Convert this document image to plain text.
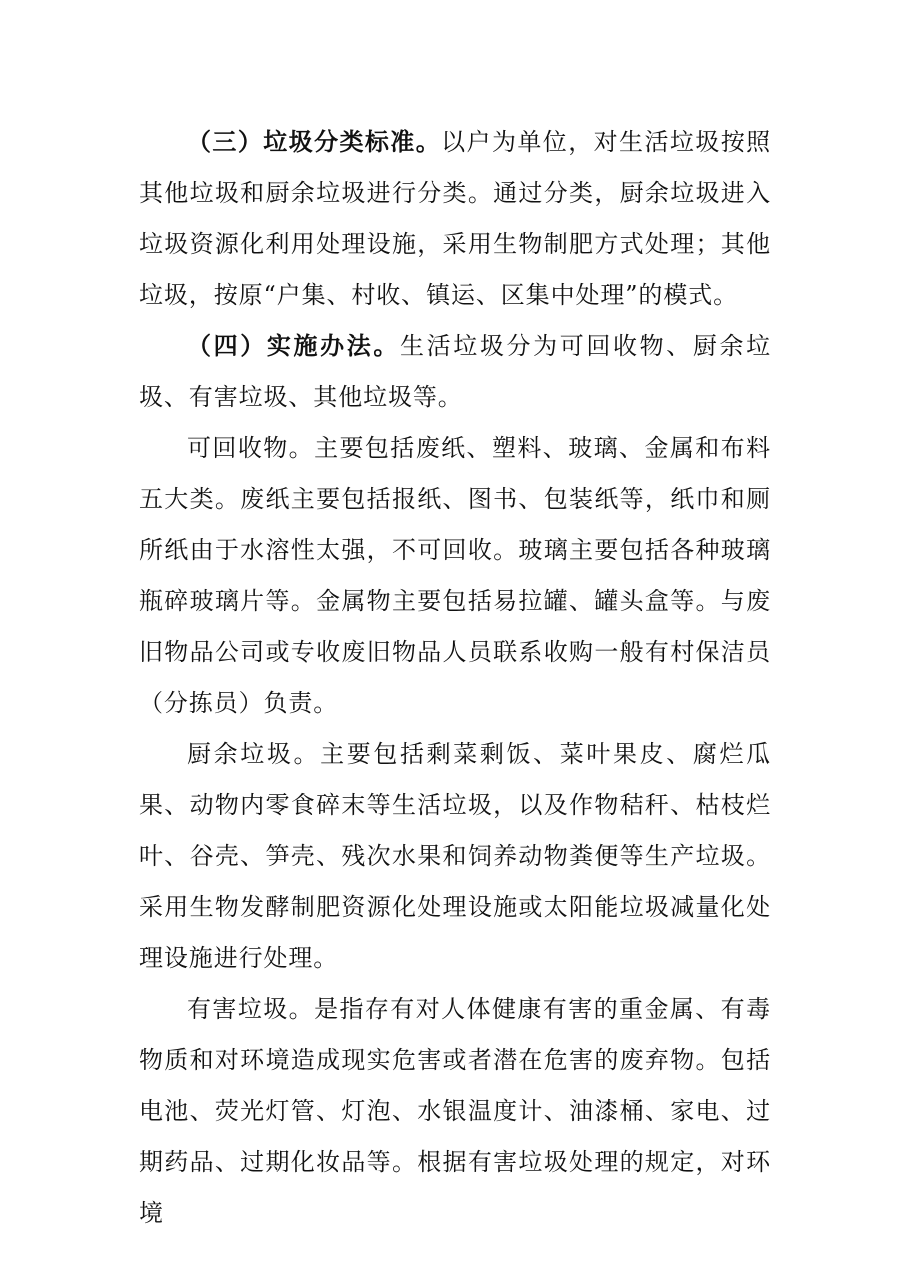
（三）垃圾分类标准。以户为单位，对生活垃圾按照其他垃圾和厨余垃圾进行分类。通过分类，厨余垃圾进入垃圾资源化利用处理设施，采用生物制肥方式处理；其他垃圾，按原“户集、村收、镇运、区集中处理”的模式。

（四）实施办法。生活垃圾分为可回收物、厨余垃圾、有害垃圾、其他垃圾等。

可回收物。主要包括废纸、塑料、玻璃、金属和布料五大类。废纸主要包括报纸、图书、包装纸等，纸巾和厕所纸由于水溶性太强，不可回收。玻璃主要包括各种玻璃瓶碎玻璃片等。金属物主要包括易拉罐、罐头盒等。与废旧物品公司或专收废旧物品人员联系收购一般有村保洁员（分拣员）负责。

厨余垃圾。主要包括剩菜剩饭、菜叶果皮、腐烂瓜果、动物内零食碎末等生活垃圾，以及作物秸秆、枯枝烂叶、谷壳、笋壳、残次水果和饲养动物粪便等生产垃圾。采用生物发酵制肥资源化处理设施或太阳能垃圾减量化处理设施进行处理。

有害垃圾。是指存有对人体健康有害的重金属、有毒物质和对环境造成现实危害或者潜在危害的废弃物。包括电池、荧光灯管、灯泡、水银温度计、油漆桶、家电、过期药品、过期化妆品等。根据有害垃圾处理的规定，对环境
